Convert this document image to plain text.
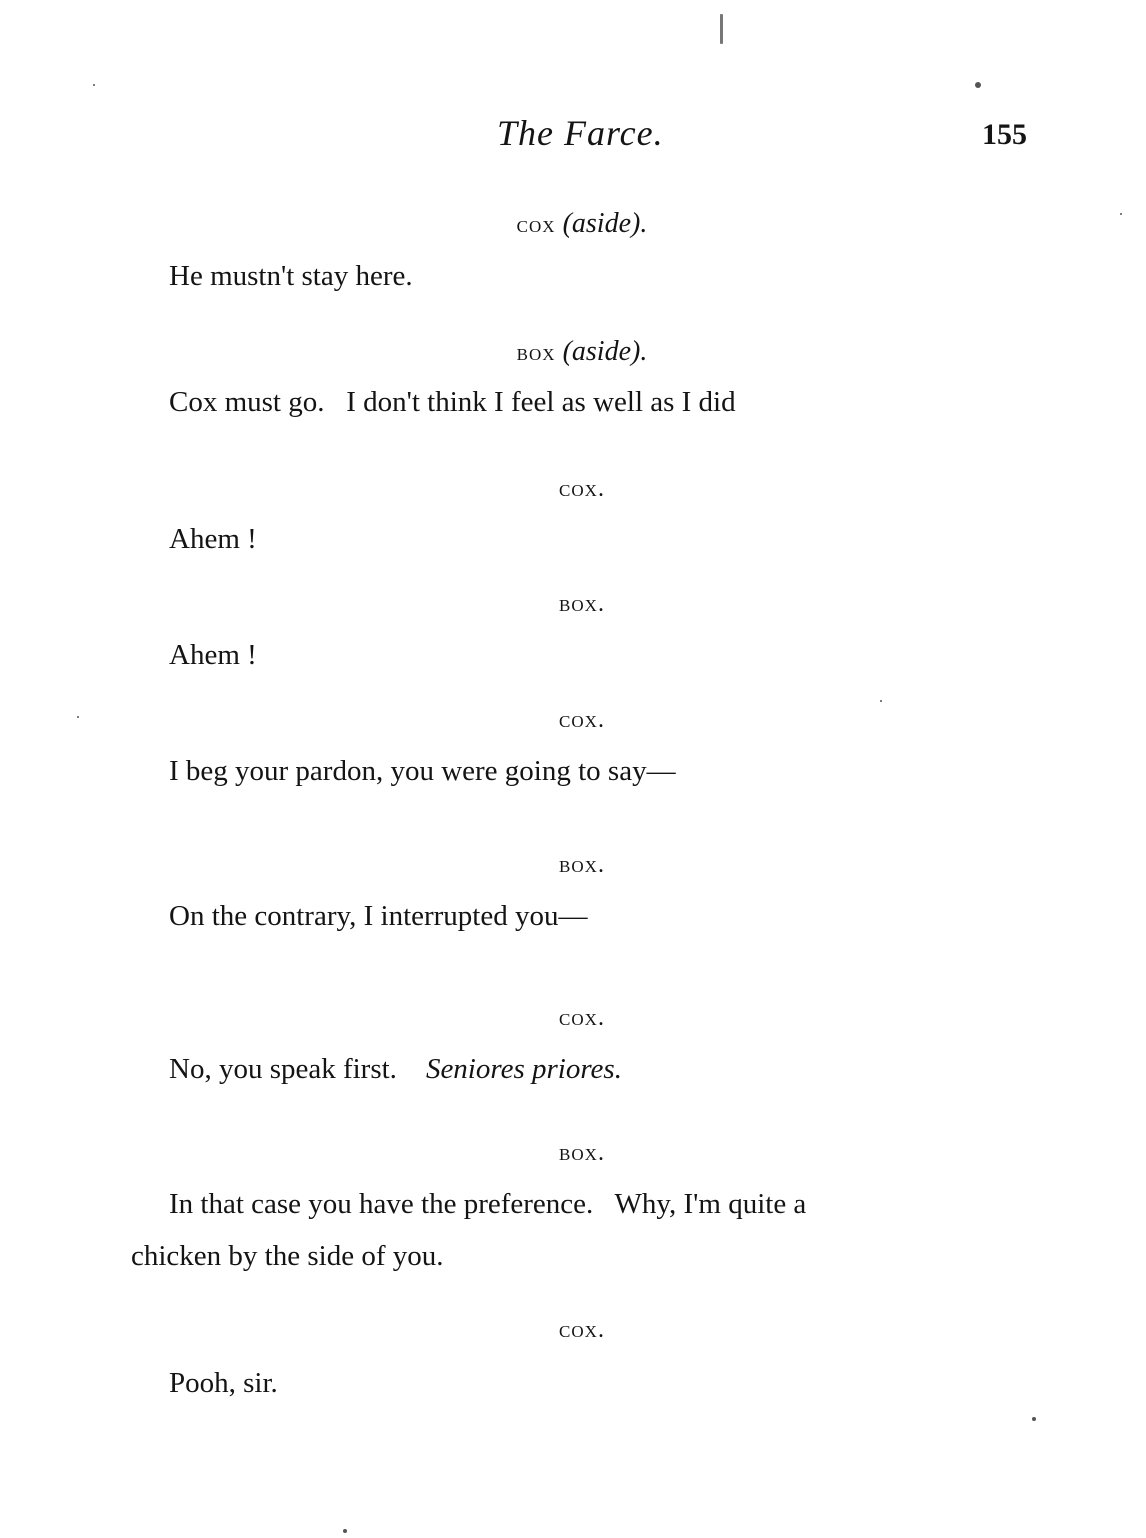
The Farce.	155
cox (aside).
He mustn't stay here.
box (aside).
Cox must go.   I don't think I feel as well as I did
cox.
Ahem !
box.
Ahem !
cox.
I beg your pardon, you were going to say—
box.
On the contrary, I interrupted you—
cox.
No, you speak first. Seniores priores.
box.
In that case you have the preference.   Why, I'm quite a
chicken by the side of you.
cox.
Pooh, sir.
